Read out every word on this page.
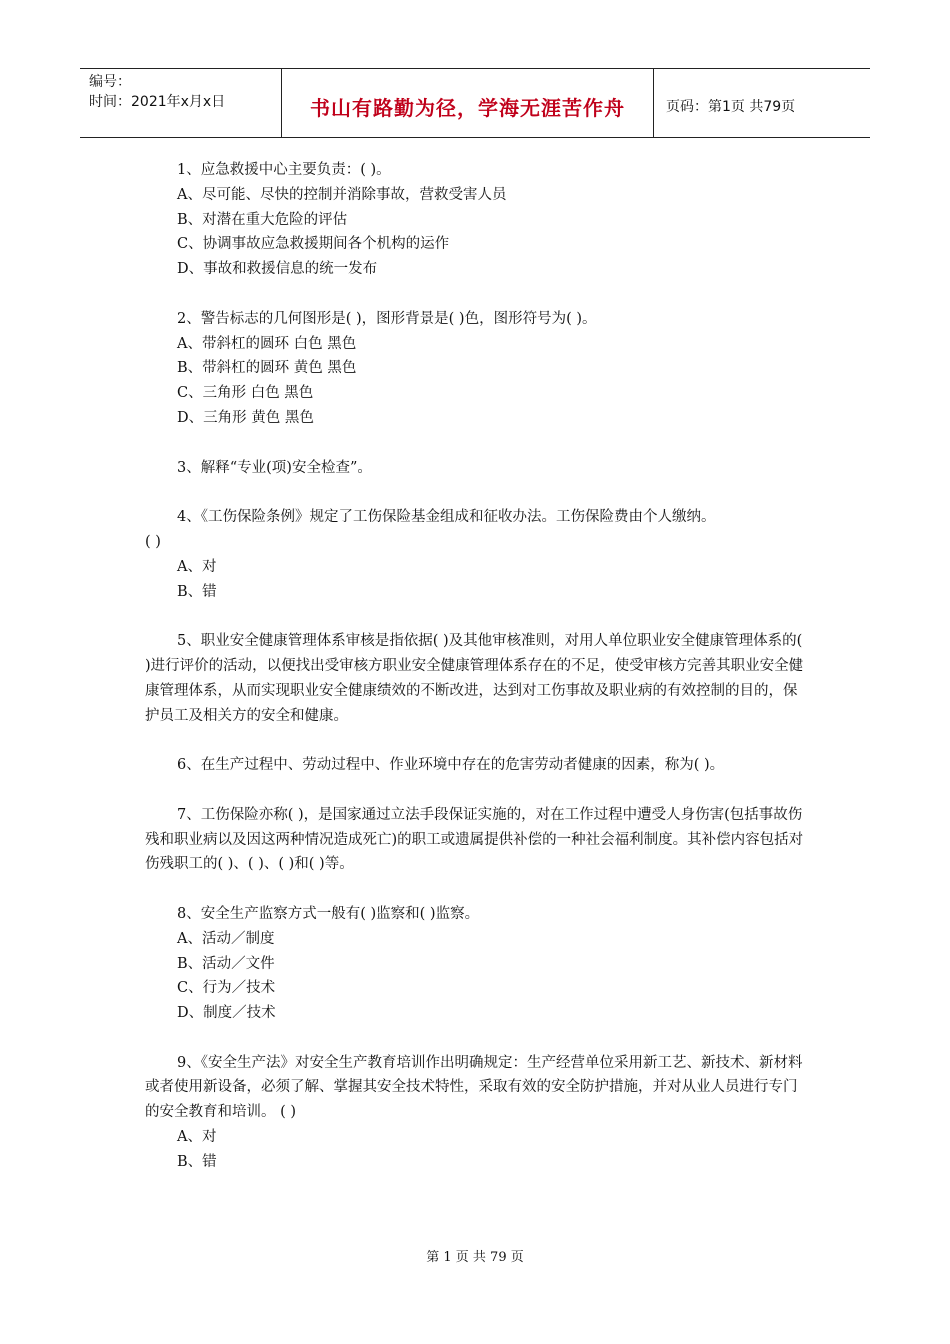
编号：
时间：2021年x月x日	书山有路勤为径，学海无涯苦作舟	页码：第1页 共79页

1、应急救援中心主要负责：( )。

A、尽可能、尽快的控制并消除事故，营救受害人员

B、对潜在重大危险的评估

C、协调事故应急救援期间各个机构的运作

D、事故和救援信息的统一发布

2、警告标志的几何图形是( )，图形背景是( )色，图形符号为( )。

A、带斜杠的圆环 白色 黑色

B、带斜杠的圆环 黄色 黑色

C、三角形 白色 黑色

D、三角形 黄色 黑色

3、解释“专业(项)安全检查”。

4、《工伤保险条例》规定了工伤保险基金组成和征收办法。工伤保险费由个人缴纳。

( )

A、对

B、错

5、职业安全健康管理体系审核是指依据( )及其他审核准则，对用人单位职业安全健康管理体系的( )进行评价的活动，以便找出受审核方职业安全健康管理体系存在的不足，使受审核方完善其职业安全健康管理体系，从而实现职业安全健康绩效的不断改进，达到对工伤事故及职业病的有效控制的目的，保护员工及相关方的安全和健康。

6、在生产过程中、劳动过程中、作业环境中存在的危害劳动者健康的因素，称为( )。

7、工伤保险亦称( )，是国家通过立法手段保证实施的，对在工作过程中遭受人身伤害(包括事故伤残和职业病以及因这两种情况造成死亡)的职工或遗属提供补偿的一种社会福利制度。其补偿内容包括对伤残职工的( )、( )、( )和( )等。

8、安全生产监察方式一般有( )监察和( )监察。

A、活动／制度

B、活动／文件

C、行为／技术

D、制度／技术

9、《安全生产法》对安全生产教育培训作出明确规定：生产经营单位采用新工艺、新技术、新材料或者使用新设备，必须了解、掌握其安全技术特性，采取有效的安全防护措施，并对从业人员进行专门的安全教育和培训。 ( )

A、对

B、错

第 1 页 共 79 页
